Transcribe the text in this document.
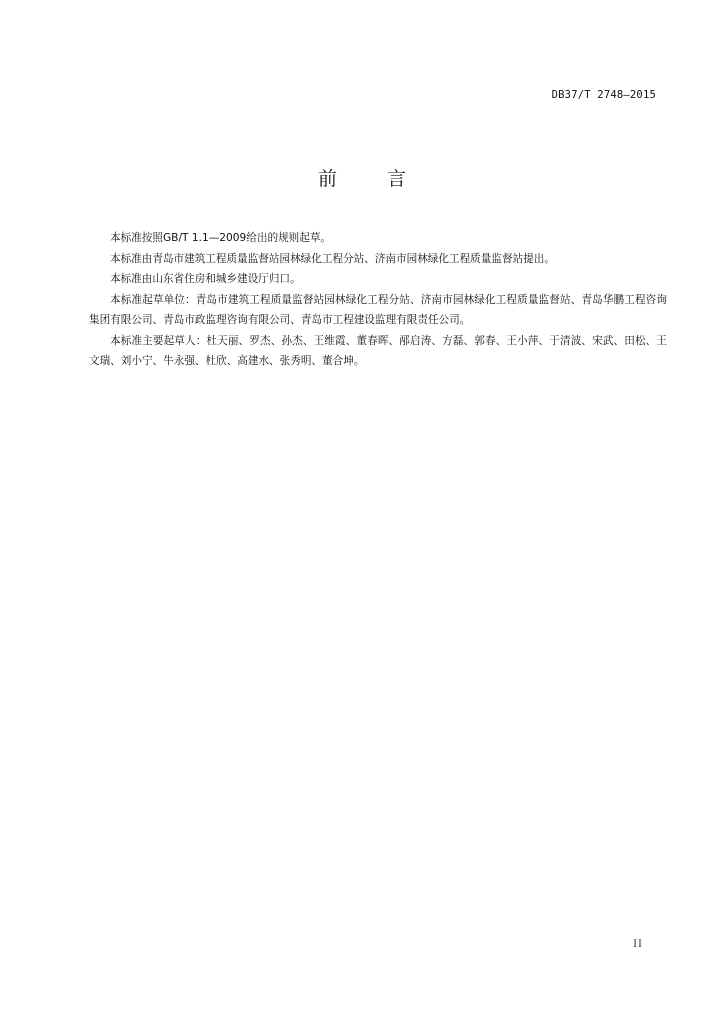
DB37/T 2748—2015
前 言

本标准按照GB/T 1.1—2009给出的规则起草。

本标准由青岛市建筑工程质量监督站园林绿化工程分站、济南市园林绿化工程质量监督站提出。

本标准由山东省住房和城乡建设厅归口。

本标准起草单位：青岛市建筑工程质量监督站园林绿化工程分站、济南市园林绿化工程质量监督站、青岛华鹏工程咨询集团有限公司、青岛市政监理咨询有限公司、青岛市工程建设监理有限责任公司。

本标准主要起草人：杜天丽、罗杰、孙杰、王维霞、董春晖、邴启涛、方磊、郭春、王小萍、于清波、宋武、田松、王文瑞、刘小宁、牛永强、杜欣、高建水、张秀明、董合坤。

II
